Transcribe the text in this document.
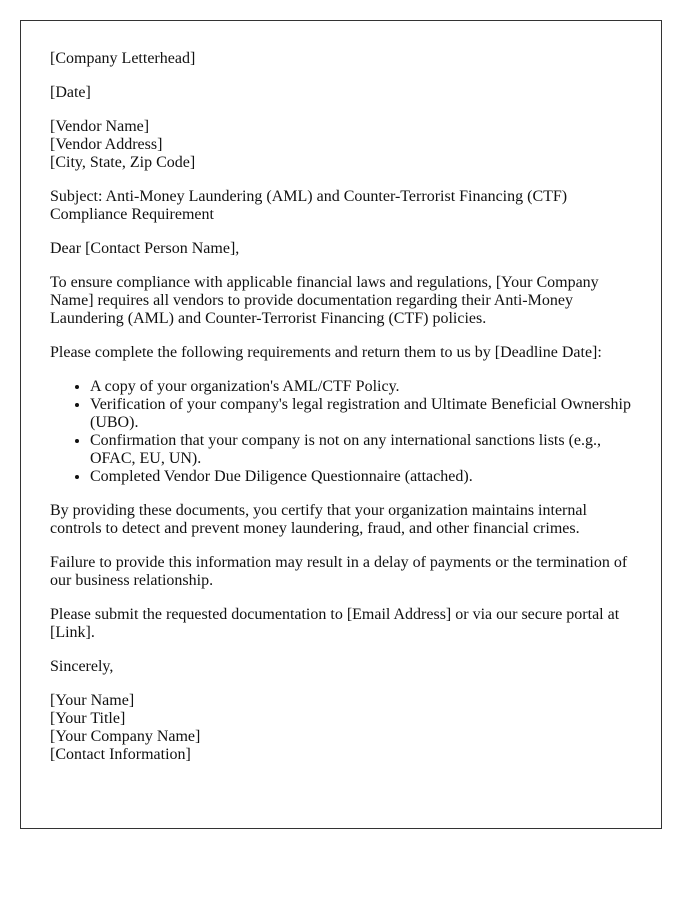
[Company Letterhead]

[Date]

[Vendor Name]
[Vendor Address]
[City, State, Zip Code]

Subject: Anti-Money Laundering (AML) and Counter-Terrorist Financing (CTF) Compliance Requirement

Dear [Contact Person Name],

To ensure compliance with applicable financial laws and regulations, [Your Company Name] requires all vendors to provide documentation regarding their Anti-Money Laundering (AML) and Counter-Terrorist Financing (CTF) policies.

Please complete the following requirements and return them to us by [Deadline Date]:

• A copy of your organization's AML/CTF Policy.
• Verification of your company's legal registration and Ultimate Beneficial Ownership (UBO).
• Confirmation that your company is not on any international sanctions lists (e.g., OFAC, EU, UN).
• Completed Vendor Due Diligence Questionnaire (attached).

By providing these documents, you certify that your organization maintains internal controls to detect and prevent money laundering, fraud, and other financial crimes.

Failure to provide this information may result in a delay of payments or the termination of our business relationship.

Please submit the requested documentation to [Email Address] or via our secure portal at [Link].

Sincerely,

[Your Name]
[Your Title]
[Your Company Name]
[Contact Information]
